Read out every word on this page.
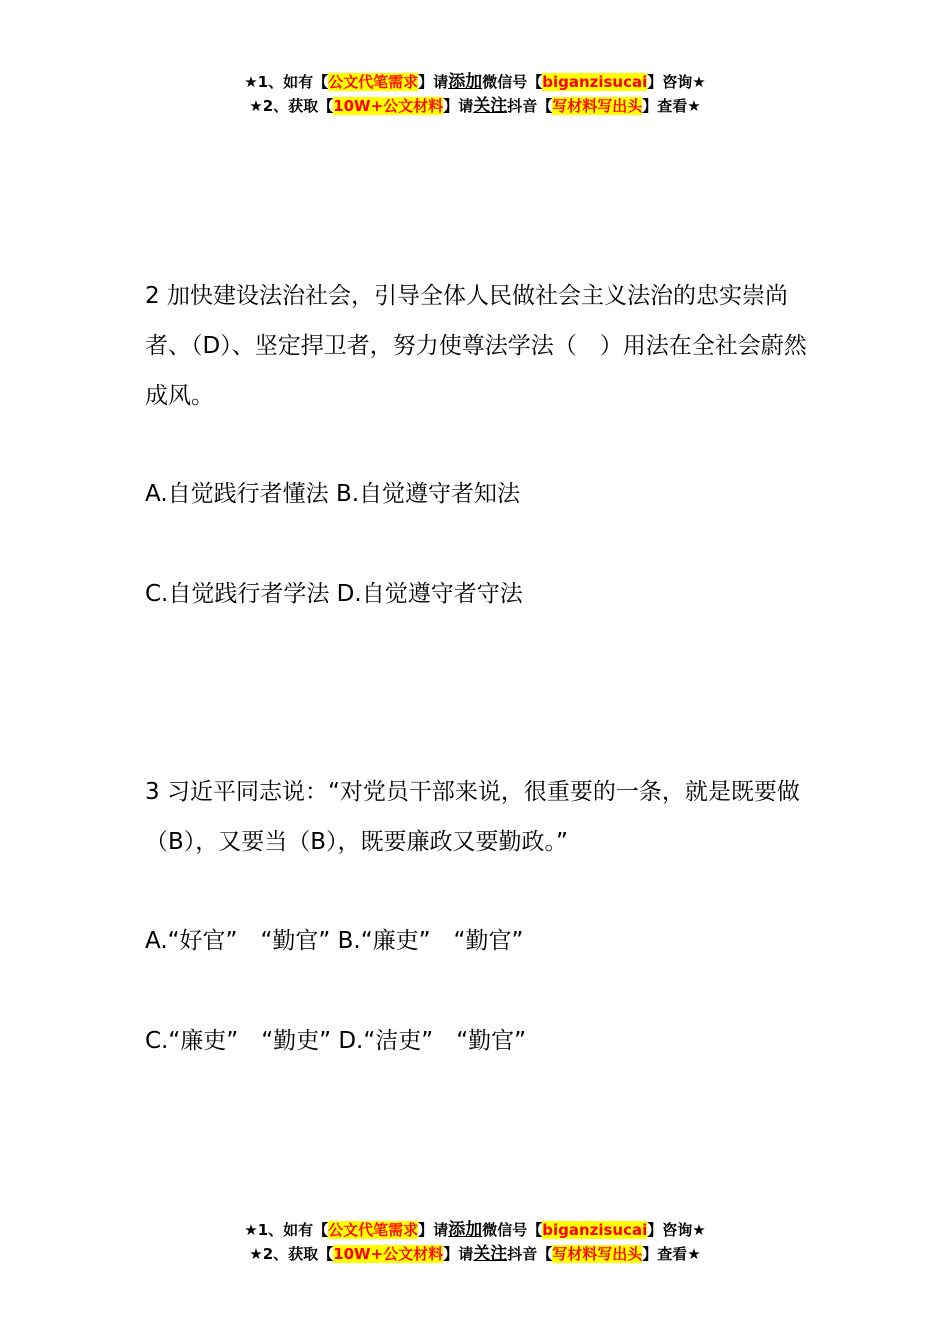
★1、如有【公文代笔需求】请添加微信号【biganzisucai】咨询★
★2、获取【10W+公文材料】请关注抖音【写材料写出头】查看★

2 加快建设法治社会，引导全体人民做社会主义法治的忠实崇尚者、（D）、坚定捍卫者，努力使尊法学法（　）用法在全社会蔚然成风。

A.自觉践行者懂法 B.自觉遵守者知法

C.自觉践行者学法 D.自觉遵守者守法

3 习近平同志说：“对党员干部来说，很重要的一条，就是既要做（B），又要当（B），既要廉政又要勤政。”

A.“好官”　“勤官” B.“廉吏”　“勤官”

C.“廉吏”　“勤吏” D.“洁吏”　“勤官”

★1、如有【公文代笔需求】请添加微信号【biganzisucai】咨询★
★2、获取【10W+公文材料】请关注抖音【写材料写出头】查看★
